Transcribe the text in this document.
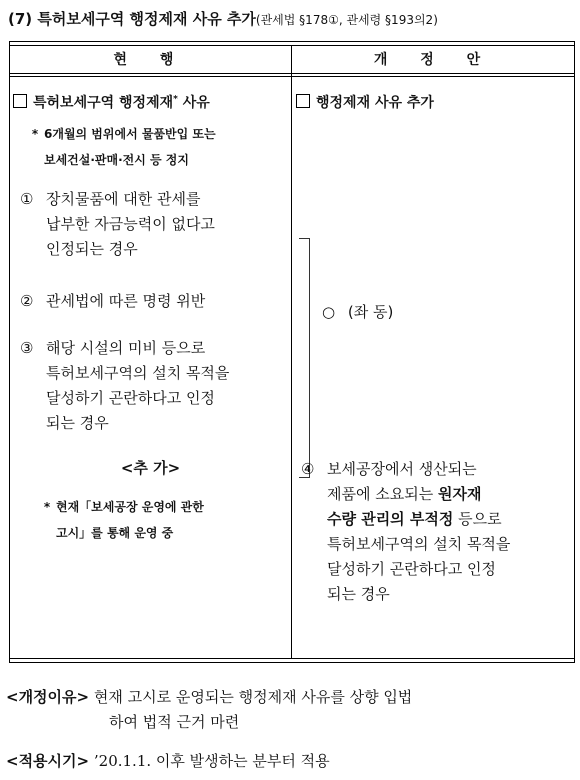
(7) 특허보세구역 행정제재 사유 추가(관세법 §178①, 관세령 §193의2)
현 행	개 정 안
특허보세구역 행정제재* 사유
* 6개월의 범위에서 물품반입 또는
보세건설·판매·전시 등 정지
① 장치물품에 대한 관세를
납부한 자금능력이 없다고
인정되는 경우
② 관세법에 따른 명령 위반
③ 해당 시설의 미비 등으로
특허보세구역의 설치 목적을
달성하기 곤란하다고 인정
되는 경우
<추 가>
* 현재「보세공장 운영에 관한
고시」를 통해 운영 중
행정제재 사유 추가
○ (좌 동)
④ 보세공장에서 생산되는
제품에 소요되는 원자재
수량 관리의 부적정 등으로
특허보세구역의 설치 목적을
달성하기 곤란하다고 인정
되는 경우
<개정이유> 현재 고시로 운영되는 행정제재 사유를 상향 입법
하여 법적 근거 마련
<적용시기> ’20.1.1. 이후 발생하는 분부터 적용
